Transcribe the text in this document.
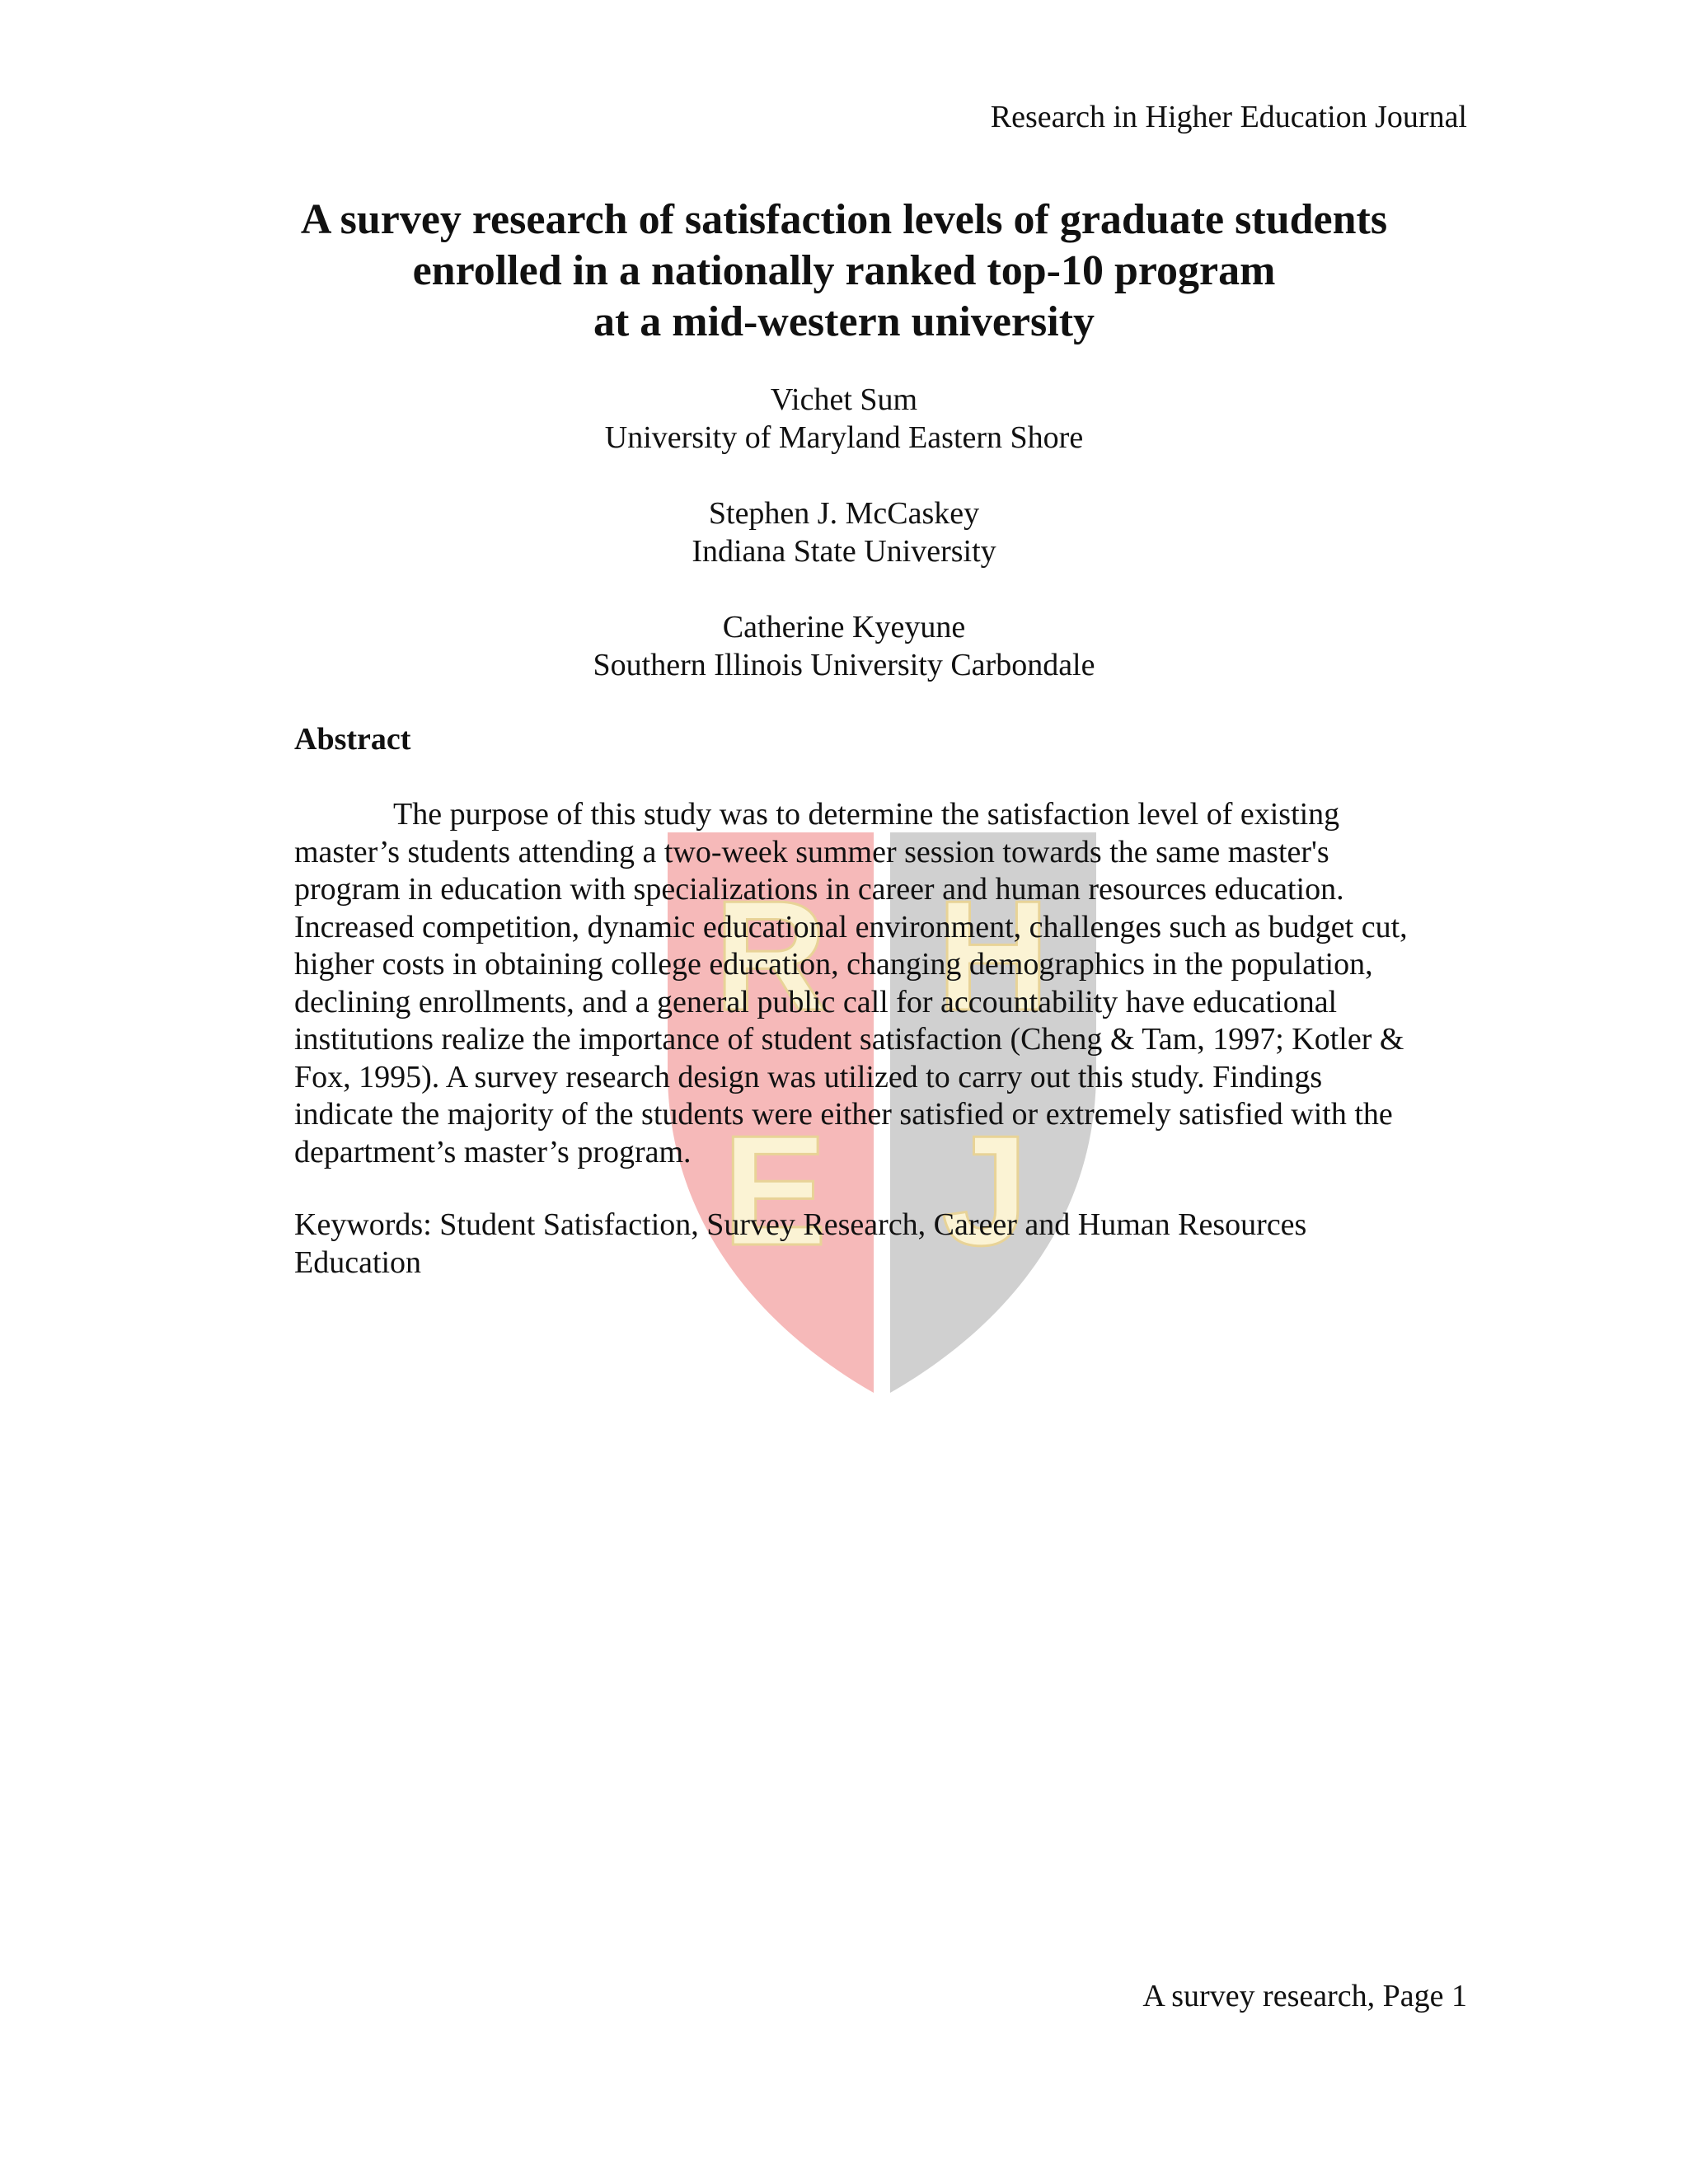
R H
E J
Research in Higher Education Journal
A survey research of satisfaction levels of graduate students
enrolled in a nationally ranked top-10 program
at a mid-western university
Vichet Sum
University of Maryland Eastern Shore
Stephen J. McCaskey
Indiana State University
Catherine Kyeyune
Southern Illinois University Carbondale
Abstract
The purpose of this study was to determine the satisfaction level of existing
master’s students attending a two-week summer session towards the same master's
program in education with specializations in career and human resources education.
Increased competition, dynamic educational environment, challenges such as budget cut,
higher costs in obtaining college education, changing demographics in the population,
declining enrollments, and a general public call for accountability have educational
institutions realize the importance of student satisfaction (Cheng & Tam, 1997; Kotler &
Fox, 1995). A survey research design was utilized to carry out this study. Findings
indicate the majority of the students were either satisfied or extremely satisfied with the
department’s master’s program.
Keywords: Student Satisfaction, Survey Research, Career and Human Resources
Education
A survey research, Page 1
